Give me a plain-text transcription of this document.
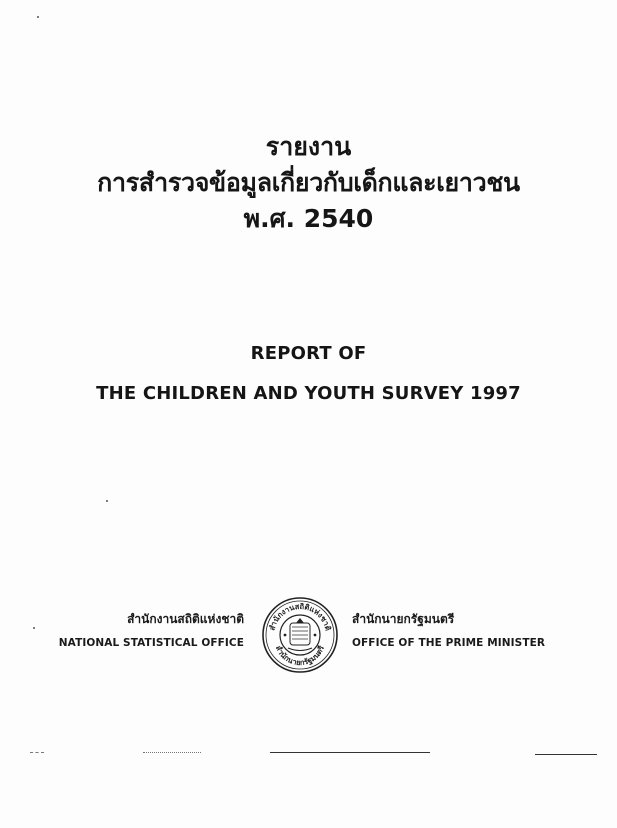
รายงาน
การสำรวจข้อมูลเกี่ยวกับเด็กและเยาวชน
พ.ศ. 2540
REPORT OF
THE CHILDREN AND YOUTH SURVEY 1997
สำนักงานสถิติแห่งชาติ
NATIONAL STATISTICAL OFFICE
สำนักงานสถิติแห่งชาติ
สำนักนายกรัฐมนตรี
สำนักนายกรัฐมนตรี
OFFICE OF THE PRIME MINISTER
